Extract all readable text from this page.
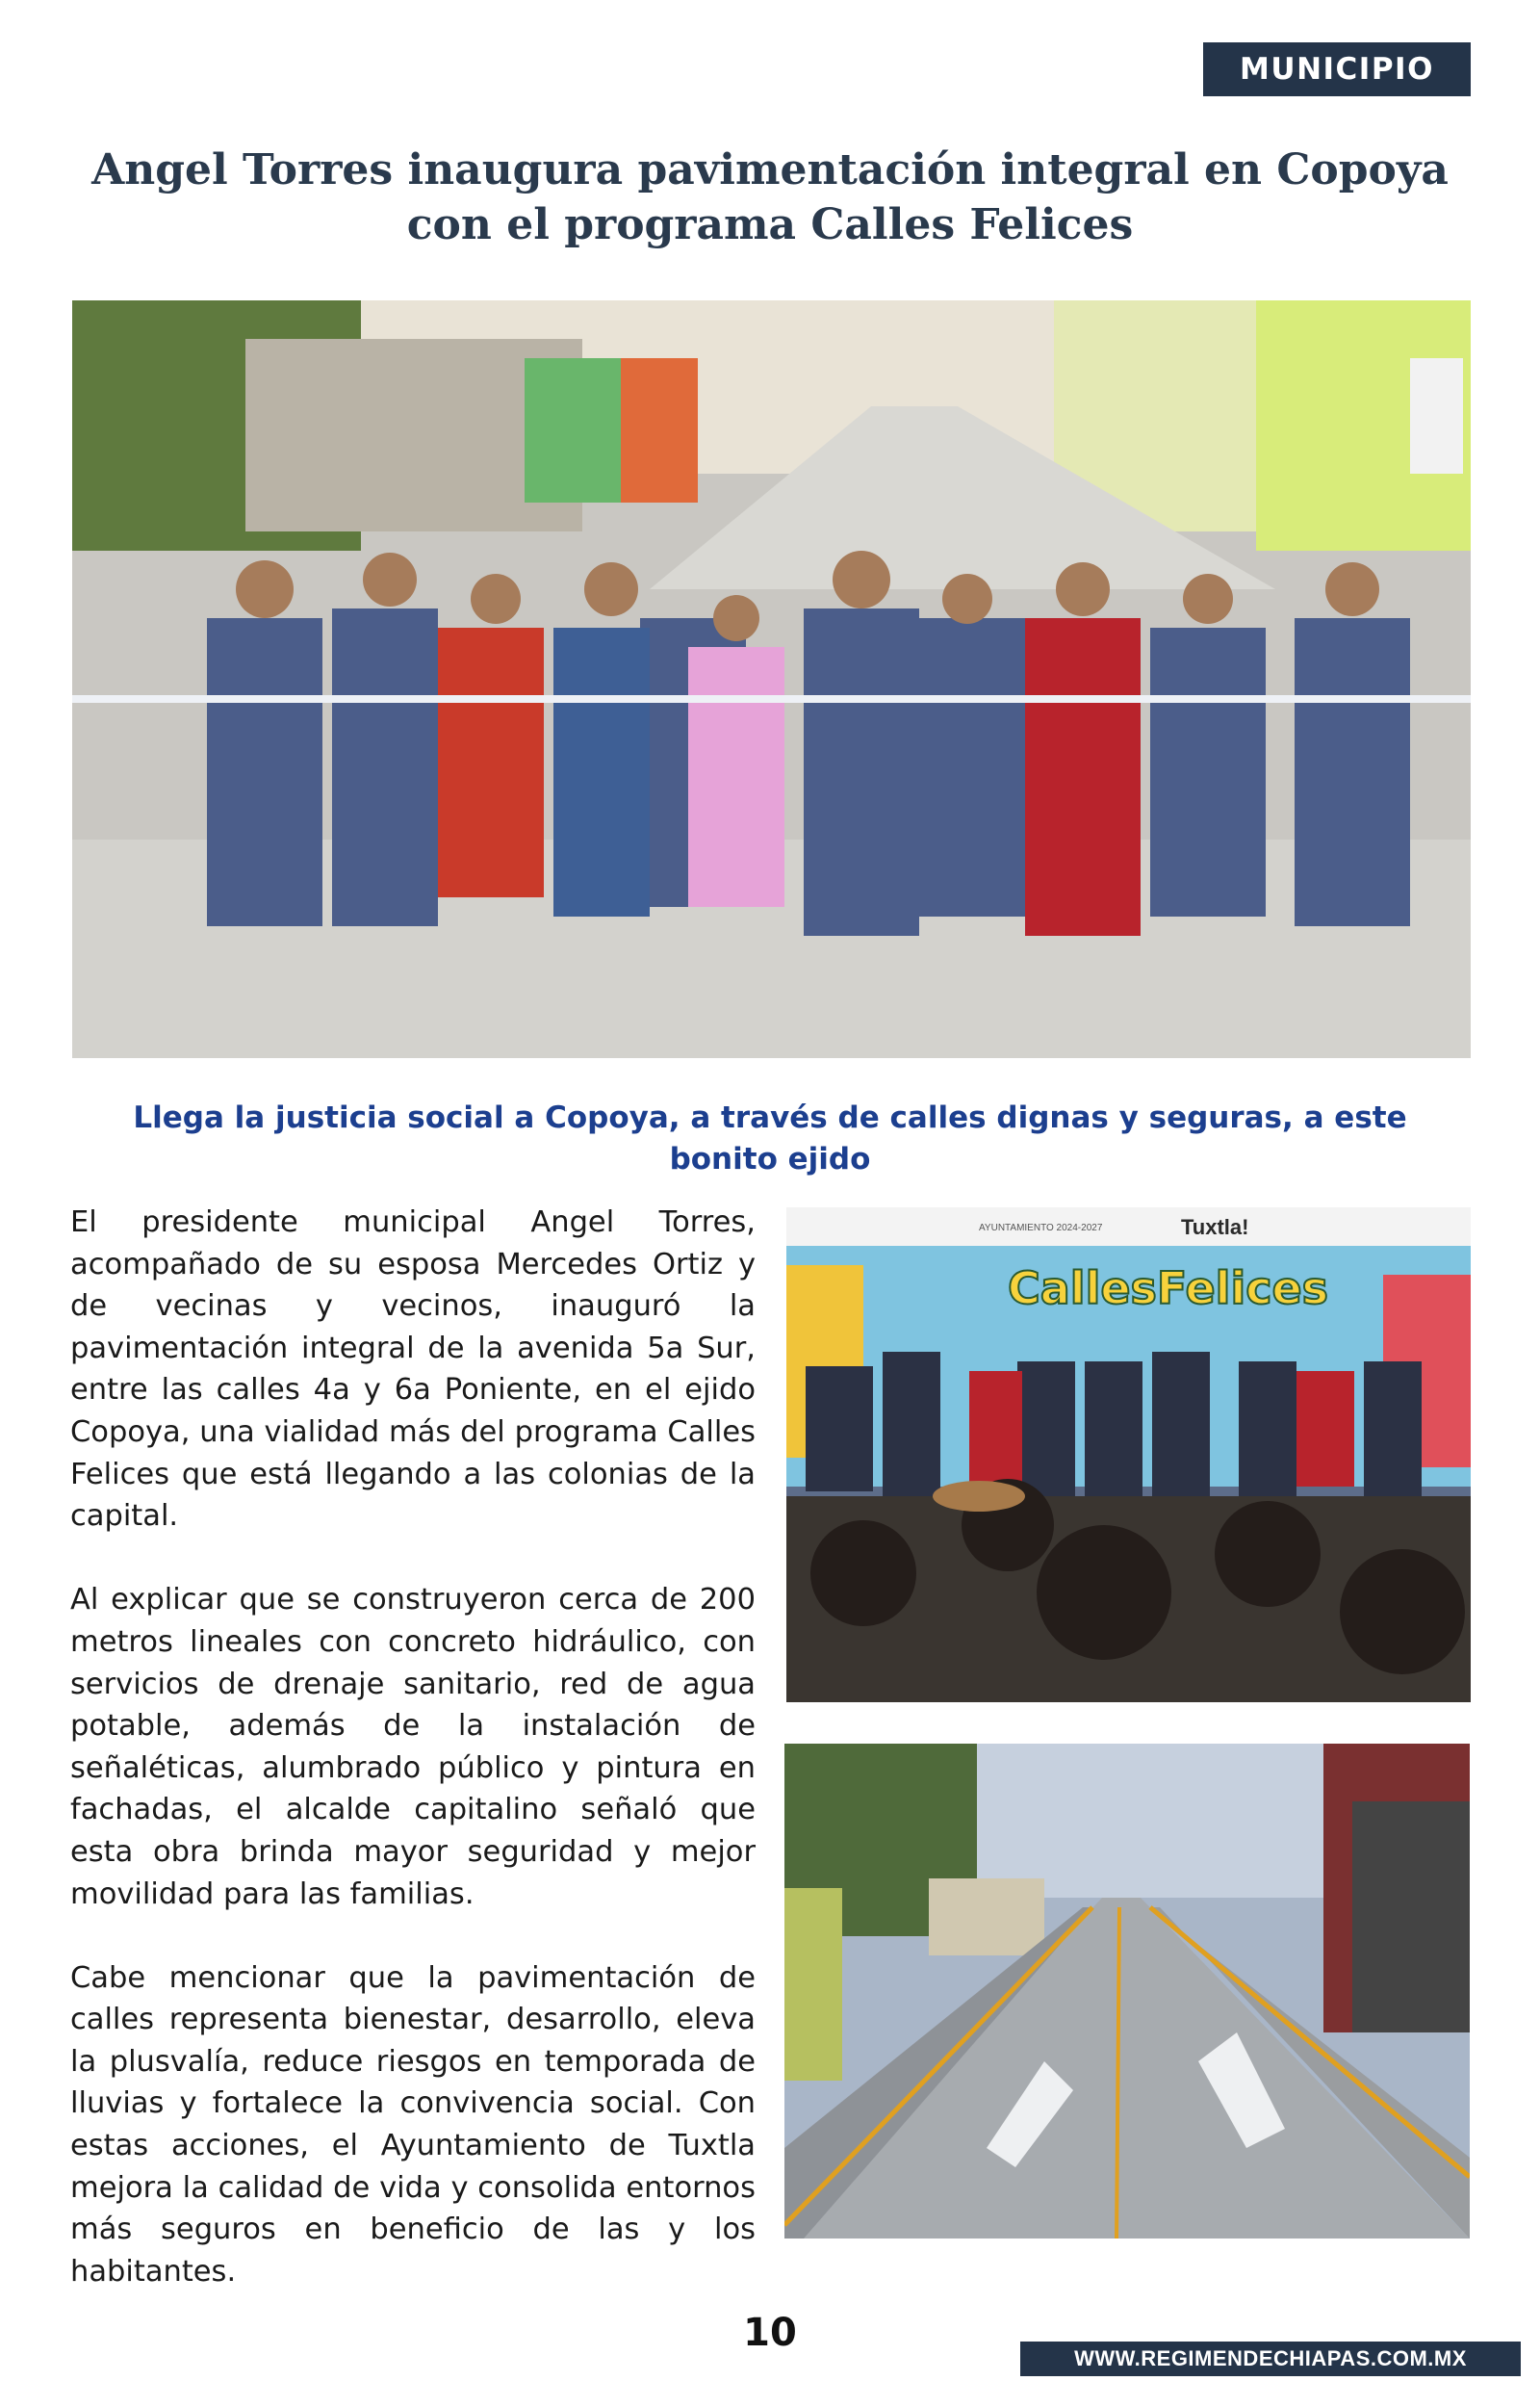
MUNICIPIO
Angel Torres inaugura pavimentación integral en Copoya con el programa Calles Felices
Llega la justicia social a Copoya, a través de calles dignas y seguras, a este bonito ejido

El presidente municipal Angel Torres, acompañado de su esposa Mercedes Ortiz y de vecinas y vecinos, inauguró la pavimentación integral de la avenida 5a Sur, entre las calles 4a y 6a Poniente, en el ejido Copoya, una vialidad más del programa Calles Felices que está llegando a las colonias de la capital.

Al explicar que se construyeron cerca de 200 metros lineales con concreto hidráulico, con servicios de drenaje sanitario, red de agua potable, además de la instalación de señaléticas, alumbrado público y pintura en fachadas, el alcalde capitalino señaló que esta obra brinda mayor seguridad y mejor movilidad para las familias.

Cabe mencionar que la pavimentación de calles representa bienestar, desarrollo, eleva la plusvalía, reduce riesgos en temporada de lluvias y fortalece la convivencia social. Con estas acciones, el Ayuntamiento de Tuxtla mejora la calidad de vida y consolida entornos más seguros en beneficio de las y los habitantes.

Tuxtla!
AYUNTAMIENTO 2024-2027
CallesFelices
10
WWW.REGIMENDECHIAPAS.COM.MX
